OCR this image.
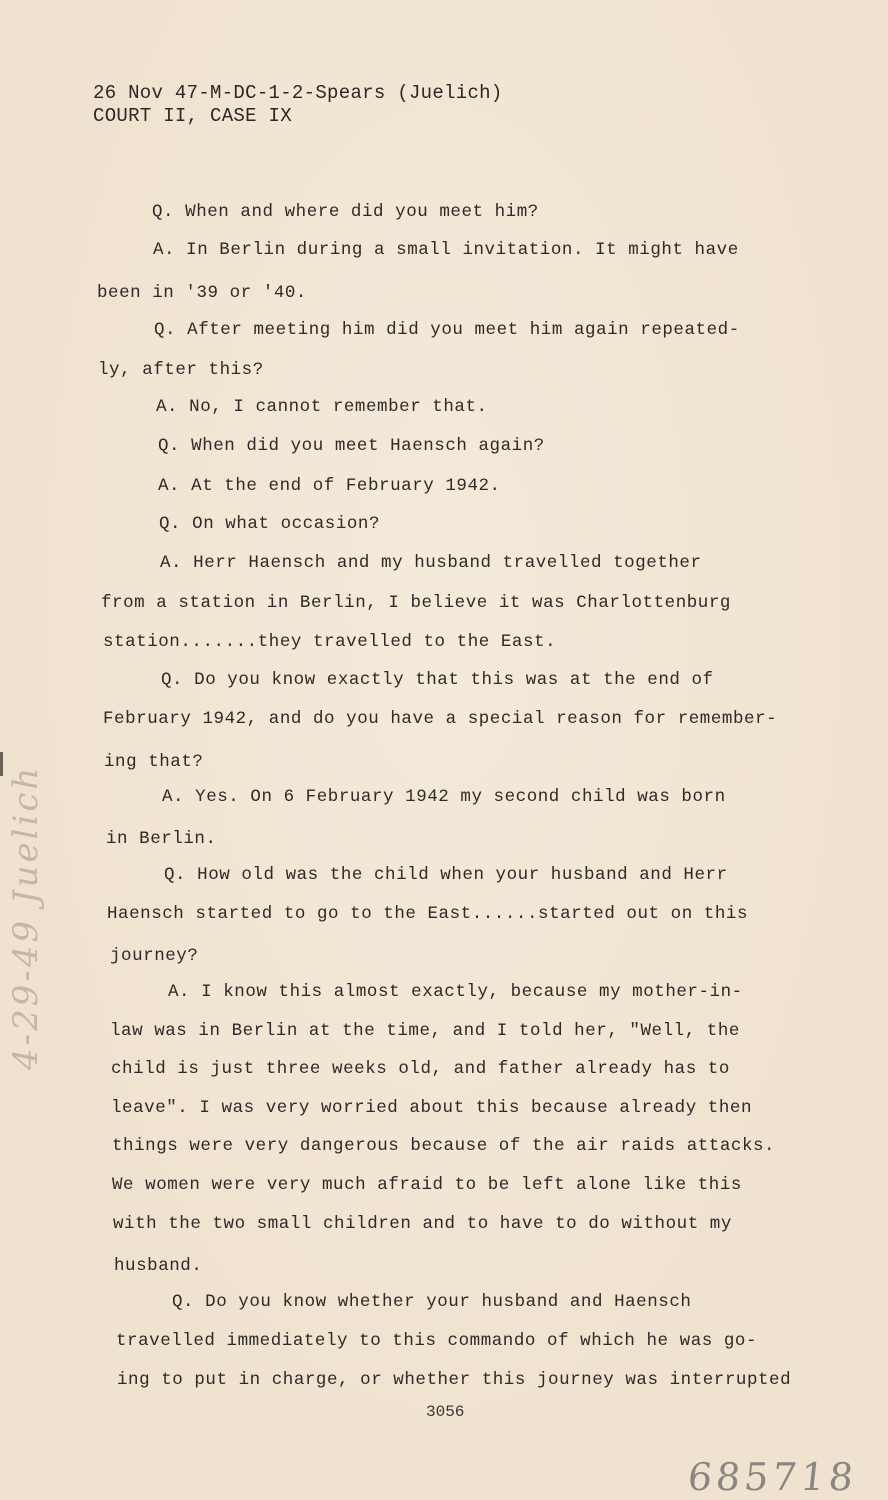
26 Nov 47-M-DC-1-2-Spears (Juelich)
COURT II, CASE IX
Q. When and where did you meet him?
A. In Berlin during a small invitation. It might have
been in '39 or '40.
Q. After meeting him did you meet him again repeated-
ly, after this?
A. No, I cannot remember that.
Q. When did you meet Haensch again?
A. At the end of February 1942.
Q. On what occasion?
A. Herr Haensch and my husband travelled together
from a station in Berlin, I believe it was Charlottenburg
station.......they travelled to the East.
Q. Do you know exactly that this was at the end of
February 1942, and do you have a special reason for remember-
ing that?
A. Yes. On 6 February 1942 my second child was born
in Berlin.
Q. How old was the child when your husband and Herr
Haensch started to go to the East......started out on this
journey?
A. I know this almost exactly, because my mother-in-
law was in Berlin at the time, and I told her, "Well, the
child is just three weeks old, and father already has to
leave". I was very worried about this because already then
things were very dangerous because of the air raids attacks.
We women were very much afraid to be left alone like this
with the two small children and to have to do without my
husband.
Q. Do you know whether your husband and Haensch
travelled immediately to this commando of which he was go-
ing to put in charge, or whether this journey was interrupted
3056
685718
4-29-49 Juelich
